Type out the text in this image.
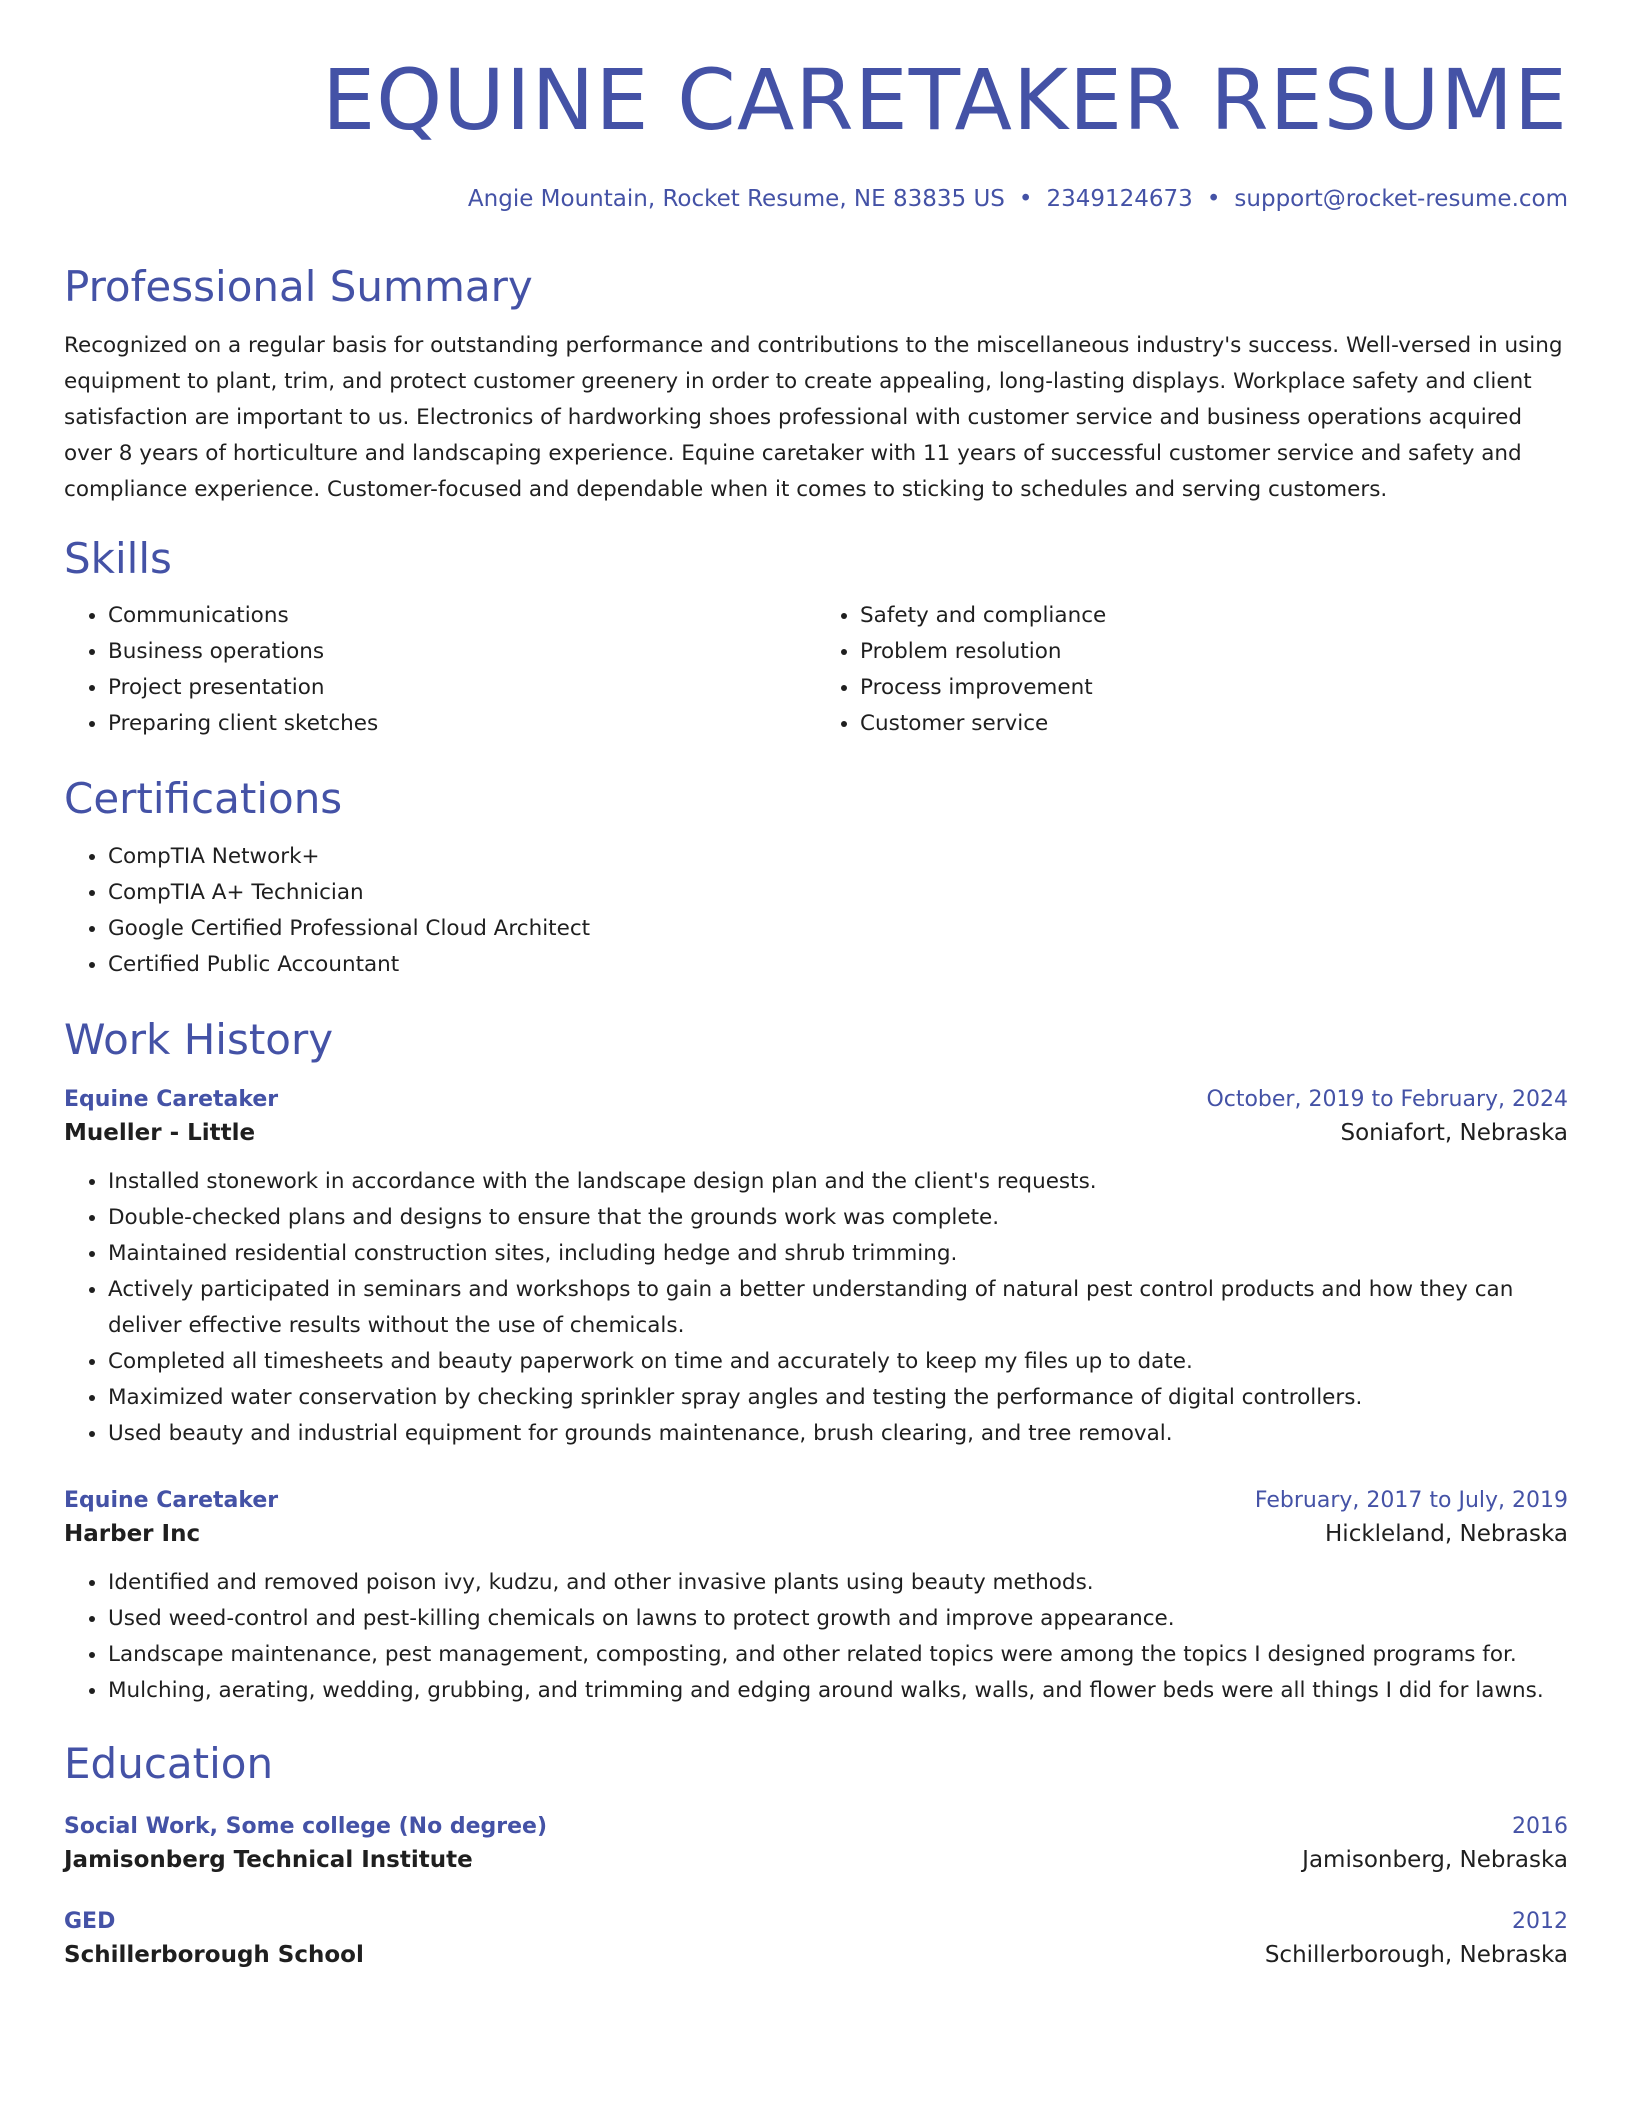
EQUINE CARETAKER RESUME
Angie Mountain, Rocket Resume, NE 83835 US • 2349124673 • support@rocket-resume.com
Professional Summary
Recognized on a regular basis for outstanding performance and contributions to the miscellaneous industry's success. Well-versed in using equipment to plant, trim, and protect customer greenery in order to create appealing, long-lasting displays. Workplace safety and client satisfaction are important to us. Electronics of hardworking shoes professional with customer service and business operations acquired over 8 years of horticulture and landscaping experience. Equine caretaker with 11 years of successful customer service and safety and compliance experience. Customer-focused and dependable when it comes to sticking to schedules and serving customers.
Skills
• Communications
• Business operations
• Project presentation
• Preparing client sketches
• Safety and compliance
• Problem resolution
• Process improvement
• Customer service
Certifications
• CompTIA Network+
• CompTIA A+ Technician
• Google Certified Professional Cloud Architect
• Certified Public Accountant
Work History
Equine Caretaker	October, 2019 to February, 2024
Mueller - Little	Soniafort, Nebraska
• Installed stonework in accordance with the landscape design plan and the client's requests.
• Double-checked plans and designs to ensure that the grounds work was complete.
• Maintained residential construction sites, including hedge and shrub trimming.
• Actively participated in seminars and workshops to gain a better understanding of natural pest control products and how they can deliver effective results without the use of chemicals.
• Completed all timesheets and beauty paperwork on time and accurately to keep my files up to date.
• Maximized water conservation by checking sprinkler spray angles and testing the performance of digital controllers.
• Used beauty and industrial equipment for grounds maintenance, brush clearing, and tree removal.
Equine Caretaker	February, 2017 to July, 2019
Harber Inc	Hickleland, Nebraska
• Identified and removed poison ivy, kudzu, and other invasive plants using beauty methods.
• Used weed-control and pest-killing chemicals on lawns to protect growth and improve appearance.
• Landscape maintenance, pest management, composting, and other related topics were among the topics I designed programs for.
• Mulching, aerating, wedding, grubbing, and trimming and edging around walks, walls, and flower beds were all things I did for lawns.
Education
Social Work, Some college (No degree)	2016
Jamisonberg Technical Institute	Jamisonberg, Nebraska
GED	2012
Schillerborough School	Schillerborough, Nebraska
